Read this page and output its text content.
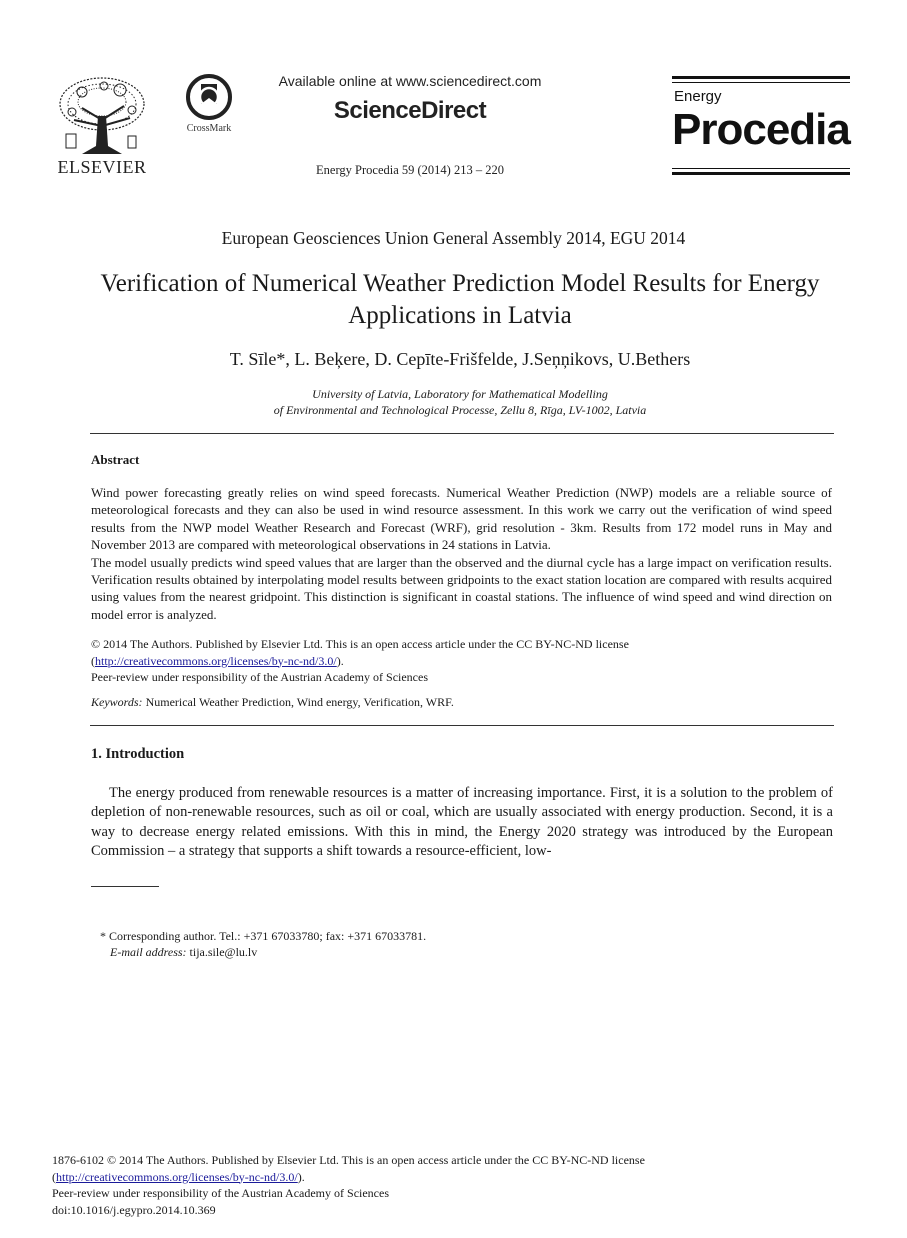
ELSEVIER
CrossMark
Available online at www.sciencedirect.com
ScienceDirect
Energy Procedia 59 (2014) 213 – 220
Energy
Procedia
European Geosciences Union General Assembly 2014, EGU 2014
Verification of Numerical Weather Prediction Model Results for Energy Applications in Latvia
T. Sīle*, L. Beķere, D. Cepīte-Frišfelde, J.Seņņikovs, U.Bethers
University of Latvia, Laboratory for Mathematical Modelling
of Environmental and Technological Processe, Zellu 8, Rīga, LV-1002, Latvia
Abstract

Wind power forecasting greatly relies on wind speed forecasts. Numerical Weather Prediction (NWP) models are a reliable source of meteorological forecasts and they can also be used in wind resource assessment. In this work we carry out the verification of wind speed results from the NWP model Weather Research and Forecast (WRF), grid resolution - 3km. Results from 172 model runs in May and November 2013 are compared with meteorological observations in 24 stations in Latvia.

The model usually predicts wind speed values that are larger than the observed and the diurnal cycle has a large impact on verification results. Verification results obtained by interpolating model results between gridpoints to the exact station location are compared with results acquired using values from the nearest gridpoint. This distinction is significant in coastal stations. The influence of wind speed and wind direction on model error is analyzed.

© 2014 The Authors. Published by Elsevier Ltd. This is an open access article under the CC BY-NC-ND license

(http://creativecommons.org/licenses/by-nc-nd/3.0/).

Peer-review under responsibility of the Austrian Academy of Sciences

Keywords: Numerical Weather Prediction, Wind energy, Verification, WRF.
1. Introduction
The energy produced from renewable resources is a matter of increasing importance. First, it is a solution to the problem of depletion of non-renewable resources, such as oil or coal, which are usually associated with energy production. Second, it is a way to decrease energy related emissions. With this in mind, the Energy 2020 strategy was introduced by the European Commission – a strategy that supports a shift towards a resource-efficient, low-

* Corresponding author. Tel.: +371 67033780; fax: +371 67033781.

E-mail address: tija.sile@lu.lv

1876-6102 © 2014 The Authors. Published by Elsevier Ltd. This is an open access article under the CC BY-NC-ND license

(http://creativecommons.org/licenses/by-nc-nd/3.0/).

Peer-review under responsibility of the Austrian Academy of Sciences

doi:10.1016/j.egypro.2014.10.369
